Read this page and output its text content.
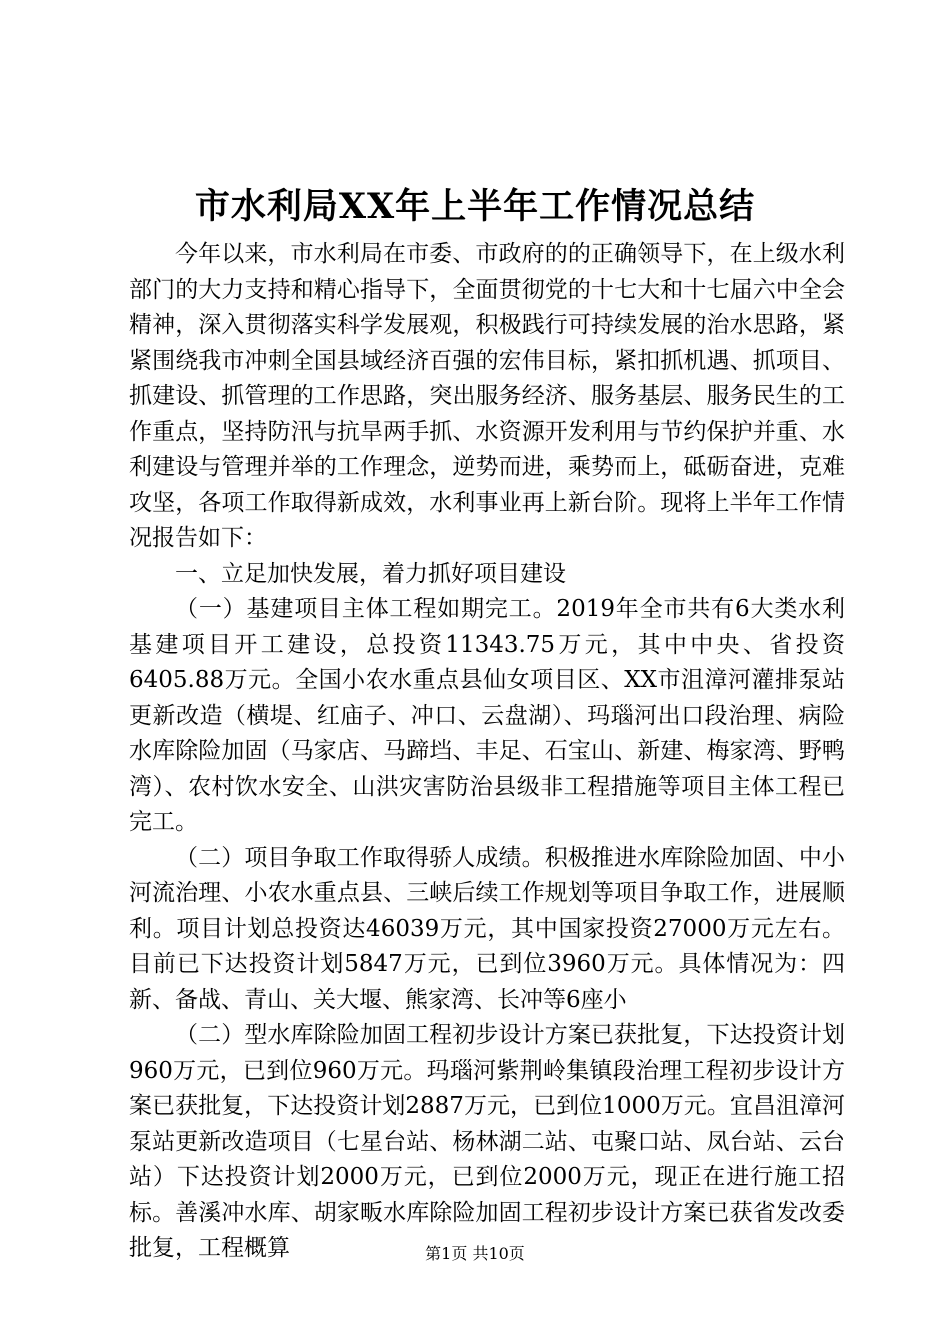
市水利局XX年上半年工作情况总结

今年以来，市水利局在市委、市政府的的正确领导下，在上级水利部门的大力支持和精心指导下，全面贯彻党的十七大和十七届六中全会精神，深入贯彻落实科学发展观，积极践行可持续发展的治水思路，紧紧围绕我市冲刺全国县域经济百强的宏伟目标，紧扣抓机遇、抓项目、抓建设、抓管理的工作思路，突出服务经济、服务基层、服务民生的工作重点，坚持防汛与抗旱两手抓、水资源开发利用与节约保护并重、水利建设与管理并举的工作理念，逆势而进，乘势而上，砥砺奋进，克难攻坚，各项工作取得新成效，水利事业再上新台阶。现将上半年工作情况报告如下：

一、立足加快发展，着力抓好项目建设

（一）基建项目主体工程如期完工。2019年全市共有6大类水利基建项目开工建设，总投资11343.75万元，其中中央、省投资6405.88万元。全国小农水重点县仙女项目区、XX市沮漳河灌排泵站更新改造（横堤、红庙子、冲口、云盘湖）、玛瑙河出口段治理、病险水库除险加固（马家店、马蹄垱、丰足、石宝山、新建、梅家湾、野鸭湾）、农村饮水安全、山洪灾害防治县级非工程措施等项目主体工程已完工。

（二）项目争取工作取得骄人成绩。积极推进水库除险加固、中小河流治理、小农水重点县、三峡后续工作规划等项目争取工作，进展顺利。项目计划总投资达46039万元，其中国家投资27000万元左右。目前已下达投资计划5847万元，已到位3960万元。具体情况为：四新、备战、青山、关大堰、熊家湾、长冲等6座小

（二）型水库除险加固工程初步设计方案已获批复，下达投资计划960万元，已到位960万元。玛瑙河紫荆岭集镇段治理工程初步设计方案已获批复，下达投资计划2887万元，已到位1000万元。宜昌沮漳河泵站更新改造项目（七星台站、杨林湖二站、屯聚口站、凤台站、云台站）下达投资计划2000万元，已到位2000万元，现正在进行施工招标。善溪冲水库、胡家畈水库除险加固工程初步设计方案已获省发改委批复，工程概算	第1页 共10页
